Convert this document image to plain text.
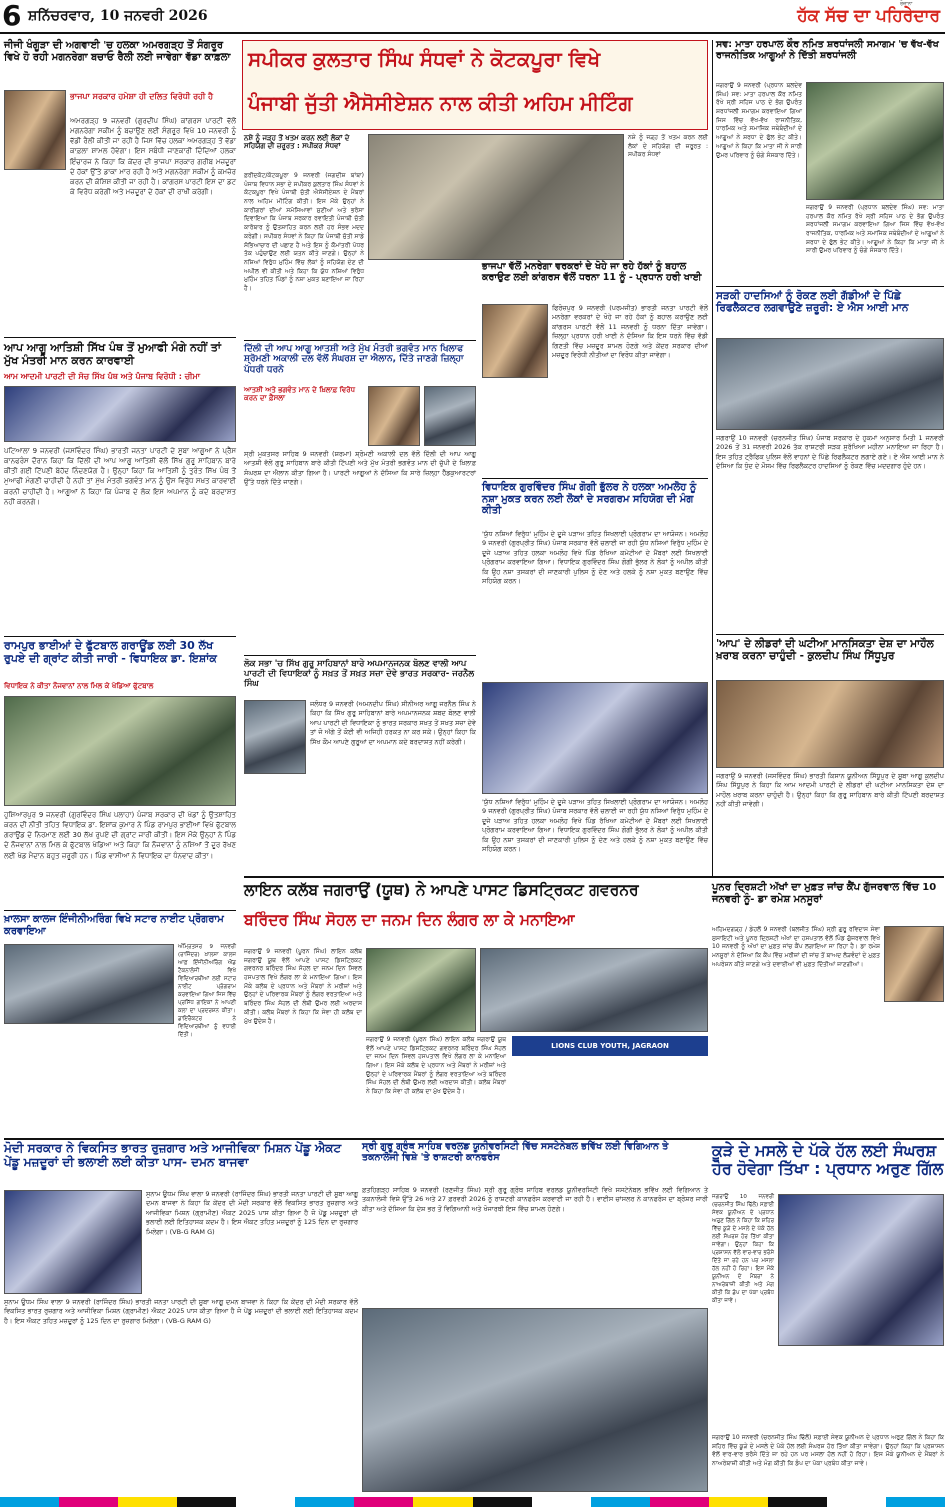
6 ਸ਼ਨਿੱਚਰਵਾਰ, 10 ਜਨਵਰੀ 2026
ਰੋਜ਼ਾਨਾ
ਹੱਕ ਸੱਚ ਦਾ ਪਹਿਰੇਦਾਰ
ਜੀਜੀ ਖੰਗੂੜਾ ਦੀ ਅਗਵਾਈ 'ਚ ਹਲਕਾ ਅਮਰਗੜ੍ਹ ਤੋਂ ਸੰਗਰੂਰ ਵਿਖੇ ਹੋ ਰਹੀ ਮਗਨਰੇਗਾ ਬਚਾਓ ਰੈਲੀ ਲਈ ਜਾਵੇਗਾ ਵੱਡਾ ਕਾਫ਼ਲਾ
ਭਾਜਪਾ ਸਰਕਾਰ ਹਮੇਸ਼ਾ ਹੀ ਦਲਿਤ ਵਿਰੋਧੀ ਰਹੀ ਹੈ
ਅਮਰਗੜ੍ਹ 9 ਜਨਵਰੀ (ਗੁਰਦੀਪ ਸਿੰਘ) ਕਾਂਗਰਸ ਪਾਰਟੀ ਵੱਲੋਂ ਮਗਨਰੇਗਾ ਸਕੀਮ ਨੂੰ ਬਚਾਉਣ ਲਈ ਸੰਗਰੂਰ ਵਿਖੇ 10 ਜਨਵਰੀ ਨੂੰ ਵੱਡੀ ਰੈਲੀ ਕੀਤੀ ਜਾ ਰਹੀ ਹੈ ਜਿਸ ਵਿੱਚ ਹਲਕਾ ਅਮਰਗੜ੍ਹ ਤੋਂ ਵੱਡਾ ਕਾਫ਼ਲਾ ਸ਼ਾਮਲ ਹੋਵੇਗਾ। ਇਸ ਸਬੰਧੀ ਜਾਣਕਾਰੀ ਦਿੰਦਿਆਂ ਹਲਕਾ ਇੰਚਾਰਜ ਨੇ ਕਿਹਾ ਕਿ ਕੇਂਦਰ ਦੀ ਭਾਜਪਾ ਸਰਕਾਰ ਗਰੀਬ ਮਜ਼ਦੂਰਾਂ ਦੇ ਹੱਕਾਂ ਉੱਤੇ ਡਾਕਾ ਮਾਰ ਰਹੀ ਹੈ ਅਤੇ ਮਗਨਰੇਗਾ ਸਕੀਮ ਨੂੰ ਕਮਜ਼ੋਰ ਕਰਨ ਦੀ ਕੋਸ਼ਿਸ਼ ਕੀਤੀ ਜਾ ਰਹੀ ਹੈ। ਕਾਂਗਰਸ ਪਾਰਟੀ ਇਸ ਦਾ ਡਟ ਕੇ ਵਿਰੋਧ ਕਰੇਗੀ ਅਤੇ ਮਜ਼ਦੂਰਾਂ ਦੇ ਹੱਕਾਂ ਦੀ ਰਾਖੀ ਕਰੇਗੀ।
ਆਪ ਆਗੂ ਆਤਿਸ਼ੀ ਸਿੱਖ ਪੰਥ ਤੋਂ ਮੁਆਫੀ ਮੰਗੇ ਨਹੀਂ ਤਾਂ ਮੁੱਖ ਮੰਤਰੀ ਮਾਨ ਕਰਨ ਕਾਰਵਾਈ
ਆਮ ਆਦਮੀ ਪਾਰਟੀ ਦੀ ਸੋਚ ਸਿੱਖ ਪੰਥ ਅਤੇ ਪੰਜਾਬ ਵਿਰੋਧੀ : ਚੀਮਾ
ਪਟਿਆਲਾ 9 ਜਨਵਰੀ (ਜਸਵਿੰਦਰ ਸਿੰਘ) ਭਾਰਤੀ ਜਨਤਾ ਪਾਰਟੀ ਦੇ ਸੂਬਾ ਆਗੂਆਂ ਨੇ ਪ੍ਰੈੱਸ ਕਾਨਫਰੰਸ ਦੌਰਾਨ ਕਿਹਾ ਕਿ ਦਿੱਲੀ ਦੀ ਆਪ ਆਗੂ ਆਤਿਸ਼ੀ ਵੱਲੋਂ ਸਿੱਖ ਗੁਰੂ ਸਾਹਿਬਾਨ ਬਾਰੇ ਕੀਤੀ ਗਈ ਟਿੱਪਣੀ ਬੇਹੱਦ ਨਿੰਦਣਯੋਗ ਹੈ। ਉਨ੍ਹਾਂ ਕਿਹਾ ਕਿ ਆਤਿਸ਼ੀ ਨੂੰ ਤੁਰੰਤ ਸਿੱਖ ਪੰਥ ਤੋਂ ਮੁਆਫੀ ਮੰਗਣੀ ਚਾਹੀਦੀ ਹੈ ਨਹੀਂ ਤਾਂ ਮੁੱਖ ਮੰਤਰੀ ਭਗਵੰਤ ਮਾਨ ਨੂੰ ਉਸ ਵਿਰੁੱਧ ਸਖ਼ਤ ਕਾਰਵਾਈ ਕਰਨੀ ਚਾਹੀਦੀ ਹੈ। ਆਗੂਆਂ ਨੇ ਕਿਹਾ ਕਿ ਪੰਜਾਬ ਦੇ ਲੋਕ ਇਸ ਅਪਮਾਨ ਨੂੰ ਕਦੇ ਬਰਦਾਸ਼ਤ ਨਹੀਂ ਕਰਨਗੇ।
ਰਾਮਪੁਰ ਭਾਈਆਂ ਦੇ ਫੁੱਟਬਾਲ ਗਰਾਊਂਡ ਲਈ 30 ਲੱਖ ਰੁਪਏ ਦੀ ਗ੍ਰਾਂਟ ਕੀਤੀ ਜਾਰੀ - ਵਿਧਾਇਕ ਡਾ. ਇਸ਼ਾਂਕ
ਵਿਧਾਇਕ ਨੇ ਕੀਤਾ ਨੌਜਵਾਨਾਂ ਨਾਲ ਮਿਲ ਕੇ ਖੇਡਿਆ ਫੁੱਟਬਾਲ
ਹੁਸ਼ਿਆਰਪੁਰ 9 ਜਨਵਰੀ (ਗੁਰਵਿੰਦਰ ਸਿੰਘ ਪਲਾਹਾ) ਪੰਜਾਬ ਸਰਕਾਰ ਦੀ ਖੇਡਾਂ ਨੂੰ ਉਤਸ਼ਾਹਿਤ ਕਰਨ ਦੀ ਨੀਤੀ ਤਹਿਤ ਵਿਧਾਇਕ ਡਾ. ਇਸ਼ਾਂਕ ਕੁਮਾਰ ਨੇ ਪਿੰਡ ਰਾਮਪੁਰ ਭਾਈਆਂ ਵਿਖੇ ਫੁੱਟਬਾਲ ਗਰਾਊਂਡ ਦੇ ਨਿਰਮਾਣ ਲਈ 30 ਲੱਖ ਰੁਪਏ ਦੀ ਗ੍ਰਾਂਟ ਜਾਰੀ ਕੀਤੀ। ਇਸ ਮੌਕੇ ਉਨ੍ਹਾਂ ਨੇ ਪਿੰਡ ਦੇ ਨੌਜਵਾਨਾਂ ਨਾਲ ਮਿਲ ਕੇ ਫੁੱਟਬਾਲ ਖੇਡਿਆ ਅਤੇ ਕਿਹਾ ਕਿ ਨੌਜਵਾਨਾਂ ਨੂੰ ਨਸ਼ਿਆਂ ਤੋਂ ਦੂਰ ਰੱਖਣ ਲਈ ਖੇਡ ਮੈਦਾਨ ਬਹੁਤ ਜ਼ਰੂਰੀ ਹਨ। ਪਿੰਡ ਵਾਸੀਆਂ ਨੇ ਵਿਧਾਇਕ ਦਾ ਧੰਨਵਾਦ ਕੀਤਾ।
ਖ਼ਾਲਸਾ ਕਾਲਜ ਇੰਜੀਨੀਅਰਿੰਗ ਵਿਖੇ ਸਟਾਰ ਨਾਈਟ ਪ੍ਰੋਗਰਾਮ ਕਰਵਾਇਆ
ਅੰਮ੍ਰਿਤਸਰ 9 ਜਨਵਰੀ (ਰਾਜਿੰਦਰ) ਖ਼ਾਲਸਾ ਕਾਲਜ ਆਫ਼ ਇੰਜੀਨੀਅਰਿੰਗ ਐਂਡ ਟੈਕਨਾਲੋਜੀ ਵਿਖੇ ਵਿਦਿਆਰਥੀਆਂ ਲਈ ਸਟਾਰ ਨਾਈਟ ਪ੍ਰੋਗਰਾਮ ਕਰਵਾਇਆ ਗਿਆ ਜਿਸ ਵਿੱਚ ਪ੍ਰਸਿੱਧ ਗਾਇਕਾਂ ਨੇ ਆਪਣੀ ਕਲਾ ਦਾ ਪ੍ਰਦਰਸ਼ਨ ਕੀਤਾ। ਡਾਇਰੈਕਟਰ ਨੇ ਵਿਦਿਆਰਥੀਆਂ ਨੂੰ ਵਧਾਈ ਦਿੱਤੀ।
ਸਪੀਕਰ ਕੁਲਤਾਰ ਸਿੰਘ ਸੰਧਵਾਂ ਨੇ ਕੋਟਕਪੂਰਾ ਵਿਖੇ
ਪੰਜਾਬੀ ਜੁੱਤੀ ਐਸੋਸੀਏਸ਼ਨ ਨਾਲ ਕੀਤੀ ਅਹਿਮ ਮੀਟਿੰਗ
ਨਸ਼ੇ ਨੂੰ ਜੜ੍ਹ ਤੋਂ ਖਤਮ ਕਰਨ ਲਈ ਲੋਕਾਂ ਦੇ ਸਹਿਯੋਗ ਦੀ ਜ਼ਰੂਰਤ : ਸਪੀਕਰ ਸੰਧਵਾਂ
ਫ਼ਰੀਦਕੋਟ/ਕੋਟਕਪੂਰਾ 9 ਜਨਵਰੀ (ਜਗਦੀਸ਼ ਬਾਂਬਾ) ਪੰਜਾਬ ਵਿਧਾਨ ਸਭਾ ਦੇ ਸਪੀਕਰ ਕੁਲਤਾਰ ਸਿੰਘ ਸੰਧਵਾਂ ਨੇ ਕੋਟਕਪੂਰਾ ਵਿਖੇ ਪੰਜਾਬੀ ਜੁੱਤੀ ਐਸੋਸੀਏਸ਼ਨ ਦੇ ਮੈਂਬਰਾਂ ਨਾਲ ਅਹਿਮ ਮੀਟਿੰਗ ਕੀਤੀ। ਇਸ ਮੌਕੇ ਉਨ੍ਹਾਂ ਨੇ ਕਾਰੀਗਰਾਂ ਦੀਆਂ ਸਮੱਸਿਆਵਾਂ ਸੁਣੀਆਂ ਅਤੇ ਭਰੋਸਾ ਦਿਵਾਇਆ ਕਿ ਪੰਜਾਬ ਸਰਕਾਰ ਰਵਾਇਤੀ ਪੰਜਾਬੀ ਜੁੱਤੀ ਕਾਰੋਬਾਰ ਨੂੰ ਉਤਸ਼ਾਹਿਤ ਕਰਨ ਲਈ ਹਰ ਸੰਭਵ ਮਦਦ ਕਰੇਗੀ। ਸਪੀਕਰ ਸੰਧਵਾਂ ਨੇ ਕਿਹਾ ਕਿ ਪੰਜਾਬੀ ਜੁੱਤੀ ਸਾਡੇ ਸੱਭਿਆਚਾਰ ਦੀ ਪਛਾਣ ਹੈ ਅਤੇ ਇਸ ਨੂੰ ਕੌਮਾਂਤਰੀ ਪੱਧਰ ਤੱਕ ਪਹੁੰਚਾਉਣ ਲਈ ਯਤਨ ਕੀਤੇ ਜਾਣਗੇ। ਉਨ੍ਹਾਂ ਨੇ ਨਸ਼ਿਆਂ ਵਿਰੁੱਧ ਮੁਹਿੰਮ ਵਿੱਚ ਲੋਕਾਂ ਨੂੰ ਸਹਿਯੋਗ ਦੇਣ ਦੀ ਅਪੀਲ ਵੀ ਕੀਤੀ ਅਤੇ ਕਿਹਾ ਕਿ ਯੁੱਧ ਨਸ਼ਿਆਂ ਵਿਰੁੱਧ ਮੁਹਿੰਮ ਤਹਿਤ ਪਿੰਡਾਂ ਨੂੰ ਨਸ਼ਾ ਮੁਕਤ ਬਣਾਇਆ ਜਾ ਰਿਹਾ ਹੈ।
ਨਸ਼ੇ ਨੂੰ ਜੜ੍ਹ ਤੋਂ ਖਤਮ ਕਰਨ ਲਈ ਲੋਕਾਂ ਦੇ ਸਹਿਯੋਗ ਦੀ ਜ਼ਰੂਰਤ : ਸਪੀਕਰ ਸੰਧਵਾਂ
ਦਿੱਲੀ ਦੀ ਆਪ ਆਗੂ ਆਤਸ਼ੀ ਅਤੇ ਮੁੱਖ ਮੰਤਰੀ ਭਗਵੰਤ ਮਾਨ ਖਿਲਾਫ ਸ਼੍ਰੋਮਣੀ ਅਕਾਲੀ ਦਲ ਵੱਲੋਂ ਸੰਘਰਸ਼ ਦਾ ਐਲਾਨ, ਦਿੱਤੇ ਜਾਣਗੇ ਜ਼ਿਲ੍ਹਾ ਪੱਧਰੀ ਧਰਨੇ
ਆਤਸ਼ੀ ਅਤੇ ਭਗਵੰਤ ਮਾਨ ਦੇ ਖ਼ਿਲਾਫ਼ ਵਿਰੋਧ ਕਰਨ ਦਾ ਫ਼ੈਸਲਾ
ਸ੍ਰੀ ਮੁਕਤਸਰ ਸਾਹਿਬ 9 ਜਨਵਰੀ (ਸ਼ਰਮਾ) ਸ਼੍ਰੋਮਣੀ ਅਕਾਲੀ ਦਲ ਵੱਲੋਂ ਦਿੱਲੀ ਦੀ ਆਪ ਆਗੂ ਆਤਸ਼ੀ ਵੱਲੋਂ ਗੁਰੂ ਸਾਹਿਬਾਨ ਬਾਰੇ ਕੀਤੀ ਟਿੱਪਣੀ ਅਤੇ ਮੁੱਖ ਮੰਤਰੀ ਭਗਵੰਤ ਮਾਨ ਦੀ ਚੁੱਪੀ ਦੇ ਖ਼ਿਲਾਫ਼ ਸੰਘਰਸ਼ ਦਾ ਐਲਾਨ ਕੀਤਾ ਗਿਆ ਹੈ। ਪਾਰਟੀ ਆਗੂਆਂ ਨੇ ਦੱਸਿਆ ਕਿ ਸਾਰੇ ਜ਼ਿਲ੍ਹਾ ਹੈੱਡਕੁਆਰਟਰਾਂ ਉੱਤੇ ਧਰਨੇ ਦਿੱਤੇ ਜਾਣਗੇ।
ਲੋਕ ਸਭਾ 'ਚ ਸਿੱਖ ਗੁਰੂ ਸਾਹਿਬਾਨਾਂ ਬਾਰੇ ਅਪਮਾਨਜਨਕ ਬੋਲਣ ਵਾਲੀ ਆਪ ਪਾਰਟੀ ਦੀ ਵਿਧਾਇਕਾਂ ਨੂੰ ਸਖ਼ਤ ਤੋਂ ਸਖ਼ਤ ਸਜ਼ਾ ਦੇਵੇ ਭਾਰਤ ਸਰਕਾਰ- ਜਰਨੈਲ ਸਿੰਘ
ਜਲੰਧਰ 9 ਜਨਵਰੀ (ਅਮਨਦੀਪ ਸਿੰਘ) ਸੀਨੀਅਰ ਆਗੂ ਜਰਨੈਲ ਸਿੰਘ ਨੇ ਕਿਹਾ ਕਿ ਸਿੱਖ ਗੁਰੂ ਸਾਹਿਬਾਨਾਂ ਬਾਰੇ ਅਪਮਾਨਜਨਕ ਸ਼ਬਦ ਬੋਲਣ ਵਾਲੀ ਆਪ ਪਾਰਟੀ ਦੀ ਵਿਧਾਇਕਾ ਨੂੰ ਭਾਰਤ ਸਰਕਾਰ ਸਖ਼ਤ ਤੋਂ ਸਖ਼ਤ ਸਜ਼ਾ ਦੇਵੇ ਤਾਂ ਜੋ ਅੱਗੇ ਤੋਂ ਕੋਈ ਵੀ ਅਜਿਹੀ ਹਰਕਤ ਨਾ ਕਰ ਸਕੇ। ਉਨ੍ਹਾਂ ਕਿਹਾ ਕਿ ਸਿੱਖ ਕੌਮ ਆਪਣੇ ਗੁਰੂਆਂ ਦਾ ਅਪਮਾਨ ਕਦੇ ਬਰਦਾਸ਼ਤ ਨਹੀਂ ਕਰੇਗੀ।
ਭਾਜਪਾ ਵੱਲੋਂ ਮਨਰੇਗਾ ਵਰਕਰਾਂ ਦੇ ਖੋਹੇ ਜਾ ਰਹੇ ਹੱਕਾਂ ਨੂੰ ਬਹਾਲ ਕਰਾਉਣ ਲਈ ਕਾਂਗਰਸ ਵੱਲੋਂ ਧਰਨਾ 11 ਨੂੰ - ਪ੍ਰਧਾਨ ਹਰੀ ਖਾਈ
ਫਿਰੋਜ਼ਪੁਰ 9 ਜਨਵਰੀ (ਪਰਮਜੀਤ) ਭਾਰਤੀ ਜਨਤਾ ਪਾਰਟੀ ਵੱਲੋਂ ਮਨਰੇਗਾ ਵਰਕਰਾਂ ਦੇ ਖੋਹੇ ਜਾ ਰਹੇ ਹੱਕਾਂ ਨੂੰ ਬਹਾਲ ਕਰਾਉਣ ਲਈ ਕਾਂਗਰਸ ਪਾਰਟੀ ਵੱਲੋਂ 11 ਜਨਵਰੀ ਨੂੰ ਧਰਨਾ ਦਿੱਤਾ ਜਾਵੇਗਾ। ਜ਼ਿਲ੍ਹਾ ਪ੍ਰਧਾਨ ਹਰੀ ਖਾਈ ਨੇ ਦੱਸਿਆ ਕਿ ਇਸ ਧਰਨੇ ਵਿੱਚ ਵੱਡੀ ਗਿਣਤੀ ਵਿੱਚ ਮਜ਼ਦੂਰ ਸ਼ਾਮਲ ਹੋਣਗੇ ਅਤੇ ਕੇਂਦਰ ਸਰਕਾਰ ਦੀਆਂ ਮਜ਼ਦੂਰ ਵਿਰੋਧੀ ਨੀਤੀਆਂ ਦਾ ਵਿਰੋਧ ਕੀਤਾ ਜਾਵੇਗਾ।
ਵਿਧਾਇਕ ਗੁਰਵਿੰਦਰ ਸਿੰਘ ਗੋਗੀ ਭੁੱਲਰ ਨੇ ਹਲਕਾ ਅਮਲੋਹ ਨੂੰ ਨਸ਼ਾ ਮੁਕਤ ਕਰਨ ਲਈ ਲੋਕਾਂ ਦੇ ਸਰਗਰਮ ਸਹਿਯੋਗ ਦੀ ਮੰਗ ਕੀਤੀ
'ਯੁੱਧ ਨਸ਼ਿਆਂ ਵਿਰੁੱਧ' ਮੁਹਿੰਮ ਦੇ ਦੂਜੇ ਪੜਾਅ ਤਹਿਤ ਸਿਖਲਾਈ ਪ੍ਰੋਗਰਾਮ ਦਾ ਆਯੋਜਨ। ਅਮਲੋਹ 9 ਜਨਵਰੀ (ਗੁਰਪ੍ਰੀਤ ਸਿੰਘ) ਪੰਜਾਬ ਸਰਕਾਰ ਵੱਲੋਂ ਚਲਾਈ ਜਾ ਰਹੀ ਯੁੱਧ ਨਸ਼ਿਆਂ ਵਿਰੁੱਧ ਮੁਹਿੰਮ ਦੇ ਦੂਜੇ ਪੜਾਅ ਤਹਿਤ ਹਲਕਾ ਅਮਲੋਹ ਵਿਖੇ ਪਿੰਡ ਰੱਖਿਆ ਕਮੇਟੀਆਂ ਦੇ ਮੈਂਬਰਾਂ ਲਈ ਸਿਖਲਾਈ ਪ੍ਰੋਗਰਾਮ ਕਰਵਾਇਆ ਗਿਆ। ਵਿਧਾਇਕ ਗੁਰਵਿੰਦਰ ਸਿੰਘ ਗੋਗੀ ਭੁੱਲਰ ਨੇ ਲੋਕਾਂ ਨੂੰ ਅਪੀਲ ਕੀਤੀ ਕਿ ਉਹ ਨਸ਼ਾ ਤਸਕਰਾਂ ਦੀ ਜਾਣਕਾਰੀ ਪੁਲਿਸ ਨੂੰ ਦੇਣ ਅਤੇ ਹਲਕੇ ਨੂੰ ਨਸ਼ਾ ਮੁਕਤ ਬਣਾਉਣ ਵਿੱਚ ਸਹਿਯੋਗ ਕਰਨ।
'ਯੁੱਧ ਨਸ਼ਿਆਂ ਵਿਰੁੱਧ' ਮੁਹਿੰਮ ਦੇ ਦੂਜੇ ਪੜਾਅ ਤਹਿਤ ਸਿਖਲਾਈ ਪ੍ਰੋਗਰਾਮ ਦਾ ਆਯੋਜਨ। ਅਮਲੋਹ 9 ਜਨਵਰੀ (ਗੁਰਪ੍ਰੀਤ ਸਿੰਘ) ਪੰਜਾਬ ਸਰਕਾਰ ਵੱਲੋਂ ਚਲਾਈ ਜਾ ਰਹੀ ਯੁੱਧ ਨਸ਼ਿਆਂ ਵਿਰੁੱਧ ਮੁਹਿੰਮ ਦੇ ਦੂਜੇ ਪੜਾਅ ਤਹਿਤ ਹਲਕਾ ਅਮਲੋਹ ਵਿਖੇ ਪਿੰਡ ਰੱਖਿਆ ਕਮੇਟੀਆਂ ਦੇ ਮੈਂਬਰਾਂ ਲਈ ਸਿਖਲਾਈ ਪ੍ਰੋਗਰਾਮ ਕਰਵਾਇਆ ਗਿਆ। ਵਿਧਾਇਕ ਗੁਰਵਿੰਦਰ ਸਿੰਘ ਗੋਗੀ ਭੁੱਲਰ ਨੇ ਲੋਕਾਂ ਨੂੰ ਅਪੀਲ ਕੀਤੀ ਕਿ ਉਹ ਨਸ਼ਾ ਤਸਕਰਾਂ ਦੀ ਜਾਣਕਾਰੀ ਪੁਲਿਸ ਨੂੰ ਦੇਣ ਅਤੇ ਹਲਕੇ ਨੂੰ ਨਸ਼ਾ ਮੁਕਤ ਬਣਾਉਣ ਵਿੱਚ ਸਹਿਯੋਗ ਕਰਨ।
ਲਾਇਨ ਕਲੱਬ ਜਗਰਾਉਂ (ਯੂਥ) ਨੇ ਆਪਣੇ ਪਾਸਟ ਡਿਸਟ੍ਰਿਕਟ ਗਵਰਨਰ
ਬਰਿੰਦਰ ਸਿੰਘ ਸੋਹਲ ਦਾ ਜਨਮ ਦਿਨ ਲੰਗਰ ਲਾ ਕੇ ਮਨਾਇਆ
ਜਗਰਾਉਂ 9 ਜਨਵਰੀ (ਪੂਰਨ ਸਿੰਘ) ਲਾਇਨ ਕਲੱਬ ਜਗਰਾਉਂ ਯੂਥ ਵੱਲੋਂ ਆਪਣੇ ਪਾਸਟ ਡਿਸਟ੍ਰਿਕਟ ਗਵਰਨਰ ਬਰਿੰਦਰ ਸਿੰਘ ਸੋਹਲ ਦਾ ਜਨਮ ਦਿਨ ਸਿਵਲ ਹਸਪਤਾਲ ਵਿਖੇ ਲੰਗਰ ਲਾ ਕੇ ਮਨਾਇਆ ਗਿਆ। ਇਸ ਮੌਕੇ ਕਲੱਬ ਦੇ ਪ੍ਰਧਾਨ ਅਤੇ ਮੈਂਬਰਾਂ ਨੇ ਮਰੀਜ਼ਾਂ ਅਤੇ ਉਨ੍ਹਾਂ ਦੇ ਪਰਿਵਾਰਕ ਮੈਂਬਰਾਂ ਨੂੰ ਲੰਗਰ ਵਰਤਾਇਆ ਅਤੇ ਬਰਿੰਦਰ ਸਿੰਘ ਸੋਹਲ ਦੀ ਲੰਬੀ ਉਮਰ ਲਈ ਅਰਦਾਸ ਕੀਤੀ। ਕਲੱਬ ਮੈਂਬਰਾਂ ਨੇ ਕਿਹਾ ਕਿ ਸੇਵਾ ਹੀ ਕਲੱਬ ਦਾ ਮੁੱਖ ਉਦੇਸ਼ ਹੈ।
ਜਗਰਾਉਂ 9 ਜਨਵਰੀ (ਪੂਰਨ ਸਿੰਘ) ਲਾਇਨ ਕਲੱਬ ਜਗਰਾਉਂ ਯੂਥ ਵੱਲੋਂ ਆਪਣੇ ਪਾਸਟ ਡਿਸਟ੍ਰਿਕਟ ਗਵਰਨਰ ਬਰਿੰਦਰ ਸਿੰਘ ਸੋਹਲ ਦਾ ਜਨਮ ਦਿਨ ਸਿਵਲ ਹਸਪਤਾਲ ਵਿਖੇ ਲੰਗਰ ਲਾ ਕੇ ਮਨਾਇਆ ਗਿਆ। ਇਸ ਮੌਕੇ ਕਲੱਬ ਦੇ ਪ੍ਰਧਾਨ ਅਤੇ ਮੈਂਬਰਾਂ ਨੇ ਮਰੀਜ਼ਾਂ ਅਤੇ ਉਨ੍ਹਾਂ ਦੇ ਪਰਿਵਾਰਕ ਮੈਂਬਰਾਂ ਨੂੰ ਲੰਗਰ ਵਰਤਾਇਆ ਅਤੇ ਬਰਿੰਦਰ ਸਿੰਘ ਸੋਹਲ ਦੀ ਲੰਬੀ ਉਮਰ ਲਈ ਅਰਦਾਸ ਕੀਤੀ। ਕਲੱਬ ਮੈਂਬਰਾਂ ਨੇ ਕਿਹਾ ਕਿ ਸੇਵਾ ਹੀ ਕਲੱਬ ਦਾ ਮੁੱਖ ਉਦੇਸ਼ ਹੈ।
LIONS CLUB YOUTH, JAGRAON
ਮੋਦੀ ਸਰਕਾਰ ਨੇ ਵਿਕਸਿਤ ਭਾਰਤ ਰੁਜ਼ਗਾਰ ਅਤੇ ਆਜੀਵਿਕਾ ਮਿਸ਼ਨ ਪੇਂਡੂ ਐਕਟ ਪੇਂਡੂ ਮਜ਼ਦੂਰਾਂ ਦੀ ਭਲਾਈ ਲਈ ਕੀਤਾ ਪਾਸ- ਦਮਨ ਬਾਜਵਾ
ਸੁਨਾਮ ਊਧਮ ਸਿੰਘ ਵਾਲਾ 9 ਜਨਵਰੀ (ਰਾਜਿੰਦਰ ਸਿੰਘ) ਭਾਰਤੀ ਜਨਤਾ ਪਾਰਟੀ ਦੀ ਸੂਬਾ ਆਗੂ ਦਮਨ ਬਾਜਵਾ ਨੇ ਕਿਹਾ ਕਿ ਕੇਂਦਰ ਦੀ ਮੋਦੀ ਸਰਕਾਰ ਵੱਲੋਂ ਵਿਕਸਿਤ ਭਾਰਤ ਰੁਜ਼ਗਾਰ ਅਤੇ ਆਜੀਵਿਕਾ ਮਿਸ਼ਨ (ਗ੍ਰਾਮੀਣ) ਐਕਟ 2025 ਪਾਸ ਕੀਤਾ ਗਿਆ ਹੈ ਜੋ ਪੇਂਡੂ ਮਜ਼ਦੂਰਾਂ ਦੀ ਭਲਾਈ ਲਈ ਇਤਿਹਾਸਕ ਕਦਮ ਹੈ। ਇਸ ਐਕਟ ਤਹਿਤ ਮਜ਼ਦੂਰਾਂ ਨੂੰ 125 ਦਿਨ ਦਾ ਰੁਜ਼ਗਾਰ ਮਿਲੇਗਾ। (VB-G RAM G)
ਸੁਨਾਮ ਊਧਮ ਸਿੰਘ ਵਾਲਾ 9 ਜਨਵਰੀ (ਰਾਜਿੰਦਰ ਸਿੰਘ) ਭਾਰਤੀ ਜਨਤਾ ਪਾਰਟੀ ਦੀ ਸੂਬਾ ਆਗੂ ਦਮਨ ਬਾਜਵਾ ਨੇ ਕਿਹਾ ਕਿ ਕੇਂਦਰ ਦੀ ਮੋਦੀ ਸਰਕਾਰ ਵੱਲੋਂ ਵਿਕਸਿਤ ਭਾਰਤ ਰੁਜ਼ਗਾਰ ਅਤੇ ਆਜੀਵਿਕਾ ਮਿਸ਼ਨ (ਗ੍ਰਾਮੀਣ) ਐਕਟ 2025 ਪਾਸ ਕੀਤਾ ਗਿਆ ਹੈ ਜੋ ਪੇਂਡੂ ਮਜ਼ਦੂਰਾਂ ਦੀ ਭਲਾਈ ਲਈ ਇਤਿਹਾਸਕ ਕਦਮ ਹੈ। ਇਸ ਐਕਟ ਤਹਿਤ ਮਜ਼ਦੂਰਾਂ ਨੂੰ 125 ਦਿਨ ਦਾ ਰੁਜ਼ਗਾਰ ਮਿਲੇਗਾ। (VB-G RAM G)
ਸ੍ਰੀ ਗੁਰੂ ਗ੍ਰੰਥ ਸਾਹਿਬ ਵਰਲਡ ਯੂਨੀਵਰਸਿਟੀ ਵਿੱਚ ਸਸਟੇਨੇਬਲ ਭਵਿੱਖ ਲਈ ਵਿਗਿਆਨ ਤੇ ਤਕਨਾਲੋਜੀ ਵਿਸ਼ੇ 'ਤੇ ਰਾਸ਼ਟਰੀ ਕਾਨਫਰੰਸ
ਫ਼ਤਹਿਗੜ੍ਹ ਸਾਹਿਬ 9 ਜਨਵਰੀ (ਰਣਜੀਤ ਸਿੰਘ) ਸ੍ਰੀ ਗੁਰੂ ਗ੍ਰੰਥ ਸਾਹਿਬ ਵਰਲਡ ਯੂਨੀਵਰਸਿਟੀ ਵਿਖੇ ਸਸਟੇਨੇਬਲ ਭਵਿੱਖ ਲਈ ਵਿਗਿਆਨ ਤੇ ਤਕਨਾਲੋਜੀ ਵਿਸ਼ੇ ਉੱਤੇ 26 ਅਤੇ 27 ਫ਼ਰਵਰੀ 2026 ਨੂੰ ਰਾਸ਼ਟਰੀ ਕਾਨਫਰੰਸ ਕਰਵਾਈ ਜਾ ਰਹੀ ਹੈ। ਵਾਈਸ ਚਾਂਸਲਰ ਨੇ ਕਾਨਫਰੰਸ ਦਾ ਬ੍ਰੋਸ਼ਰ ਜਾਰੀ ਕੀਤਾ ਅਤੇ ਦੱਸਿਆ ਕਿ ਦੇਸ਼ ਭਰ ਤੋਂ ਵਿਗਿਆਨੀ ਅਤੇ ਖੋਜਾਰਥੀ ਇਸ ਵਿੱਚ ਸ਼ਾਮਲ ਹੋਣਗੇ।
ਸਵ: ਮਾਤਾ ਹਰਪਾਲ ਕੌਰ ਨਮਿਤ ਸ਼ਰਧਾਂਜਲੀ ਸਮਾਗਮ 'ਚ ਵੱਖ-ਵੱਖ ਰਾਜਨੀਤਿਕ ਆਗੂਆਂ ਨੇ ਦਿੱਤੀ ਸ਼ਰਧਾਂਜਲੀ
ਜਗਰਾਉਂ 9 ਜਨਵਰੀ (ਪ੍ਰਧਾਨ ਬਲਦੇਵ ਸਿੰਘ) ਸਵ: ਮਾਤਾ ਹਰਪਾਲ ਕੌਰ ਨਮਿਤ ਰੱਖੇ ਸ੍ਰੀ ਸਹਿਜ ਪਾਠ ਦੇ ਭੋਗ ਉਪਰੰਤ ਸ਼ਰਧਾਂਜਲੀ ਸਮਾਗਮ ਕਰਵਾਇਆ ਗਿਆ ਜਿਸ ਵਿੱਚ ਵੱਖ-ਵੱਖ ਰਾਜਨੀਤਿਕ, ਧਾਰਮਿਕ ਅਤੇ ਸਮਾਜਿਕ ਜਥੇਬੰਦੀਆਂ ਦੇ ਆਗੂਆਂ ਨੇ ਸ਼ਰਧਾ ਦੇ ਫੁੱਲ ਭੇਟ ਕੀਤੇ। ਆਗੂਆਂ ਨੇ ਕਿਹਾ ਕਿ ਮਾਤਾ ਜੀ ਨੇ ਸਾਰੀ ਉਮਰ ਪਰਿਵਾਰ ਨੂੰ ਚੰਗੇ ਸੰਸਕਾਰ ਦਿੱਤੇ।
ਜਗਰਾਉਂ 9 ਜਨਵਰੀ (ਪ੍ਰਧਾਨ ਬਲਦੇਵ ਸਿੰਘ) ਸਵ: ਮਾਤਾ ਹਰਪਾਲ ਕੌਰ ਨਮਿਤ ਰੱਖੇ ਸ੍ਰੀ ਸਹਿਜ ਪਾਠ ਦੇ ਭੋਗ ਉਪਰੰਤ ਸ਼ਰਧਾਂਜਲੀ ਸਮਾਗਮ ਕਰਵਾਇਆ ਗਿਆ ਜਿਸ ਵਿੱਚ ਵੱਖ-ਵੱਖ ਰਾਜਨੀਤਿਕ, ਧਾਰਮਿਕ ਅਤੇ ਸਮਾਜਿਕ ਜਥੇਬੰਦੀਆਂ ਦੇ ਆਗੂਆਂ ਨੇ ਸ਼ਰਧਾ ਦੇ ਫੁੱਲ ਭੇਟ ਕੀਤੇ। ਆਗੂਆਂ ਨੇ ਕਿਹਾ ਕਿ ਮਾਤਾ ਜੀ ਨੇ ਸਾਰੀ ਉਮਰ ਪਰਿਵਾਰ ਨੂੰ ਚੰਗੇ ਸੰਸਕਾਰ ਦਿੱਤੇ।
ਸੜਕੀ ਹਾਦਸਿਆਂ ਨੂੰ ਰੋਕਣ ਲਈ ਗੱਡੀਆਂ ਦੇ ਪਿੱਛੇ ਰਿਫਲੈਕਟਰ ਲਗਵਾਉਣੇ ਜ਼ਰੂਰੀ: ਏ ਐਸ ਆਈ ਮਾਨ
ਜਗਰਾਉਂ 10 ਜਨਵਰੀ (ਚਰਨਜੀਤ ਸਿੰਘ) ਪੰਜਾਬ ਸਰਕਾਰ ਦੇ ਹੁਕਮਾਂ ਅਨੁਸਾਰ ਮਿਤੀ 1 ਜਨਵਰੀ 2026 ਤੋਂ 31 ਜਨਵਰੀ 2026 ਤੱਕ ਰਾਸ਼ਟਰੀ ਸੜਕ ਸੁਰੱਖਿਆ ਮਹੀਨਾ ਮਨਾਇਆ ਜਾ ਰਿਹਾ ਹੈ। ਇਸ ਤਹਿਤ ਟ੍ਰੈਫਿਕ ਪੁਲਿਸ ਵੱਲੋਂ ਵਾਹਨਾਂ ਦੇ ਪਿੱਛੇ ਰਿਫਲੈਕਟਰ ਲਗਾਏ ਗਏ। ਏ ਐਸ ਆਈ ਮਾਨ ਨੇ ਦੱਸਿਆ ਕਿ ਧੁੰਦ ਦੇ ਮੌਸਮ ਵਿੱਚ ਰਿਫਲੈਕਟਰ ਹਾਦਸਿਆਂ ਨੂੰ ਰੋਕਣ ਵਿੱਚ ਮਦਦਗਾਰ ਹੁੰਦੇ ਹਨ।
'ਆਪ' ਦੇ ਲੀਡਰਾਂ ਦੀ ਘਟੀਆ ਮਾਨਸਿਕਤਾ ਦੇਸ਼ ਦਾ ਮਾਹੌਲ ਖ਼ਰਾਬ ਕਰਨਾ ਚਾਹੁੰਦੀ - ਕੁਲਦੀਪ ਸਿੰਘ ਸਿੱਧੂਪੁਰ
ਜਗਰਾਉਂ 9 ਜਨਵਰੀ (ਜਸਵਿੰਦਰ ਸਿੰਘ) ਭਾਰਤੀ ਕਿਸਾਨ ਯੂਨੀਅਨ ਸਿੱਧੂਪੁਰ ਦੇ ਸੂਬਾ ਆਗੂ ਕੁਲਦੀਪ ਸਿੰਘ ਸਿੱਧੂਪੁਰ ਨੇ ਕਿਹਾ ਕਿ ਆਮ ਆਦਮੀ ਪਾਰਟੀ ਦੇ ਲੀਡਰਾਂ ਦੀ ਘਟੀਆ ਮਾਨਸਿਕਤਾ ਦੇਸ਼ ਦਾ ਮਾਹੌਲ ਖ਼ਰਾਬ ਕਰਨਾ ਚਾਹੁੰਦੀ ਹੈ। ਉਨ੍ਹਾਂ ਕਿਹਾ ਕਿ ਗੁਰੂ ਸਾਹਿਬਾਨ ਬਾਰੇ ਕੀਤੀ ਟਿੱਪਣੀ ਬਰਦਾਸ਼ਤ ਨਹੀਂ ਕੀਤੀ ਜਾਵੇਗੀ।
ਪੂਨਰ ਦ੍ਰਿਸ਼ਟੀ ਅੱਖਾਂ ਦਾ ਮੁਫ਼ਤ ਜਾਂਚ ਕੈਂਪ ਗੁੱਜਰਵਾਲ ਵਿੱਚ 10 ਜਨਵਰੀ ਨੂੰ- ਡਾ ਰਮੇਸ਼ ਮਨਸੂਰਾਂ
ਅਹਿਮਦਗੜ੍ਹ / ਡੇਹਲੋਂ 9 ਜਨਵਰੀ (ਬਲਜੀਤ ਸਿੰਘ) ਸ੍ਰੀ ਗੁਰੂ ਰਵਿਦਾਸ ਸੇਵਾ ਸੁਸਾਇਟੀ ਅਤੇ ਪੂਨਰ ਦ੍ਰਿਸ਼ਟੀ ਅੱਖਾਂ ਦਾ ਹਸਪਤਾਲ ਵੱਲੋਂ ਪਿੰਡ ਗੁੱਜਰਵਾਲ ਵਿਖੇ 10 ਜਨਵਰੀ ਨੂੰ ਅੱਖਾਂ ਦਾ ਮੁਫ਼ਤ ਜਾਂਚ ਕੈਂਪ ਲਗਾਇਆ ਜਾ ਰਿਹਾ ਹੈ। ਡਾ ਰਮੇਸ਼ ਮਨਸੂਰਾਂ ਨੇ ਦੱਸਿਆ ਕਿ ਕੈਂਪ ਵਿੱਚ ਮਰੀਜ਼ਾਂ ਦੀ ਜਾਂਚ ਤੋਂ ਬਾਅਦ ਲੋੜਵੰਦਾਂ ਦੇ ਮੁਫ਼ਤ ਅਪਰੇਸ਼ਨ ਕੀਤੇ ਜਾਣਗੇ ਅਤੇ ਦਵਾਈਆਂ ਵੀ ਮੁਫ਼ਤ ਦਿੱਤੀਆਂ ਜਾਣਗੀਆਂ।
ਕੂੜੇ ਦੇ ਮਸਲੇ ਦੇ ਪੱਕੇ ਹੱਲ ਲਈ ਸੰਘਰਸ਼ ਹੋਰ ਹੋਵੇਗਾ ਤਿੱਖਾ : ਪ੍ਰਧਾਨ ਅਰੁਣ ਗਿੱਲ
ਜਗਰਾਉਂ 10 ਜਨਵਰੀ (ਚਰਨਜੀਤ ਸਿੰਘ ਢਿੱਲੋਂ) ਸਫ਼ਾਈ ਸੇਵਕ ਯੂਨੀਅਨ ਦੇ ਪ੍ਰਧਾਨ ਅਰੁਣ ਗਿੱਲ ਨੇ ਕਿਹਾ ਕਿ ਸ਼ਹਿਰ ਵਿੱਚ ਕੂੜੇ ਦੇ ਮਸਲੇ ਦੇ ਪੱਕੇ ਹੱਲ ਲਈ ਸੰਘਰਸ਼ ਹੋਰ ਤਿੱਖਾ ਕੀਤਾ ਜਾਵੇਗਾ। ਉਨ੍ਹਾਂ ਕਿਹਾ ਕਿ ਪ੍ਰਸ਼ਾਸਨ ਵੱਲੋਂ ਵਾਰ-ਵਾਰ ਭਰੋਸੇ ਦਿੱਤੇ ਜਾ ਰਹੇ ਹਨ ਪਰ ਮਸਲਾ ਹੱਲ ਨਹੀਂ ਹੋ ਰਿਹਾ। ਇਸ ਮੌਕੇ ਯੂਨੀਅਨ ਦੇ ਮੈਂਬਰਾਂ ਨੇ ਨਾਅਰੇਬਾਜ਼ੀ ਕੀਤੀ ਅਤੇ ਮੰਗ ਕੀਤੀ ਕਿ ਡੰਪ ਦਾ ਪੱਕਾ ਪ੍ਰਬੰਧ ਕੀਤਾ ਜਾਵੇ।
ਜਗਰਾਉਂ 10 ਜਨਵਰੀ (ਚਰਨਜੀਤ ਸਿੰਘ ਢਿੱਲੋਂ) ਸਫ਼ਾਈ ਸੇਵਕ ਯੂਨੀਅਨ ਦੇ ਪ੍ਰਧਾਨ ਅਰੁਣ ਗਿੱਲ ਨੇ ਕਿਹਾ ਕਿ ਸ਼ਹਿਰ ਵਿੱਚ ਕੂੜੇ ਦੇ ਮਸਲੇ ਦੇ ਪੱਕੇ ਹੱਲ ਲਈ ਸੰਘਰਸ਼ ਹੋਰ ਤਿੱਖਾ ਕੀਤਾ ਜਾਵੇਗਾ। ਉਨ੍ਹਾਂ ਕਿਹਾ ਕਿ ਪ੍ਰਸ਼ਾਸਨ ਵੱਲੋਂ ਵਾਰ-ਵਾਰ ਭਰੋਸੇ ਦਿੱਤੇ ਜਾ ਰਹੇ ਹਨ ਪਰ ਮਸਲਾ ਹੱਲ ਨਹੀਂ ਹੋ ਰਿਹਾ। ਇਸ ਮੌਕੇ ਯੂਨੀਅਨ ਦੇ ਮੈਂਬਰਾਂ ਨੇ ਨਾਅਰੇਬਾਜ਼ੀ ਕੀਤੀ ਅਤੇ ਮੰਗ ਕੀਤੀ ਕਿ ਡੰਪ ਦਾ ਪੱਕਾ ਪ੍ਰਬੰਧ ਕੀਤਾ ਜਾਵੇ।
